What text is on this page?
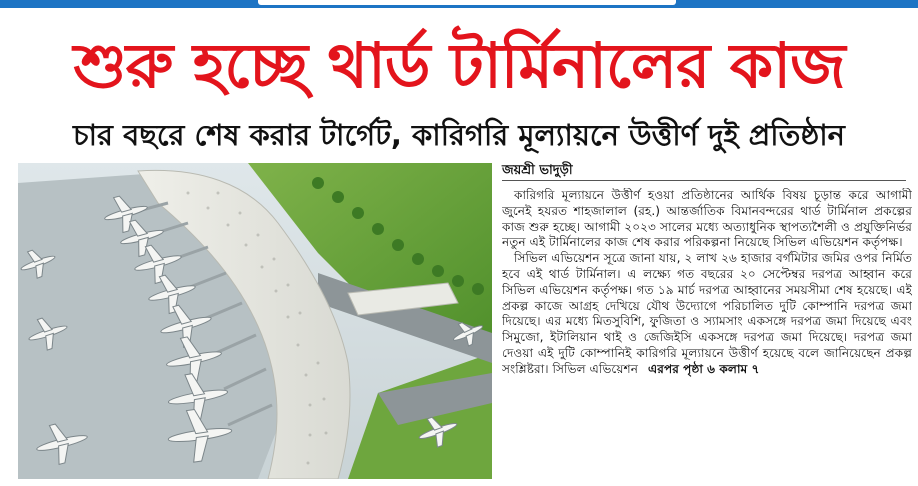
শুরু হচ্ছে থার্ড টার্মিনালের কাজ
চার বছরে শেষ করার টার্গেট, কারিগরি মূল্যায়নে উত্তীর্ণ দুই প্রতিষ্ঠান
জয়শ্রী ভাদুড়ী

কারিগরি মূল্যায়নে উত্তীর্ণ হওয়া প্রতিষ্ঠানের আর্থিক বিষয় চূড়ান্ত করে আগামী জুনেই হযরত শাহজালাল (রহ.) আন্তর্জাতিক বিমানবন্দরের থার্ড টার্মিনাল প্রকল্পের কাজ শুরু হচ্ছে। আগামী ২০২৩ সালের মধ্যে অত্যাধুনিক স্থাপত্যশৈলী ও প্রযুক্তিনির্ভর নতুন এই টার্মিনালের কাজ শেষ করার পরিকল্পনা নিয়েছে সিভিল এভিয়েশন কর্তৃপক্ষ।

সিভিল এভিয়েশন সূত্রে জানা যায়, ২ লাখ ২৬ হাজার বর্গমিটার জমির ওপর নির্মিত হবে এই থার্ড টার্মিনাল। এ লক্ষ্যে গত বছরের ২০ সেপ্টেম্বর দরপত্র আহ্বান করে সিভিল এভিয়েশন কর্তৃপক্ষ। গত ১৯ মার্চ দরপত্র আহ্বানের সময়সীমা শেষ হয়েছে। এই প্রকল্প কাজে আগ্রহ দেখিয়ে যৌথ উদ্যোগে পরিচালিত দুটি কোম্পানি দরপত্র জমা দিয়েছে। এর মধ্যে মিতসুবিশি, ফুজিতা ও স্যামসাং একসঙ্গে দরপত্র জমা দিয়েছে এবং সিমুজো, ইটালিয়ান থাই ও জেজিইসি একসঙ্গে দরপত্র জমা দিয়েছে। দরপত্র জমা দেওয়া এই দুটি কোম্পানিই কারিগরি মূল্যায়নে উত্তীর্ণ হয়েছে বলে জানিয়েছেন প্রকল্প সংশ্লিষ্টরা। সিভিল এভিয়েশন এরপর পৃষ্ঠা ৬ কলাম ৭
